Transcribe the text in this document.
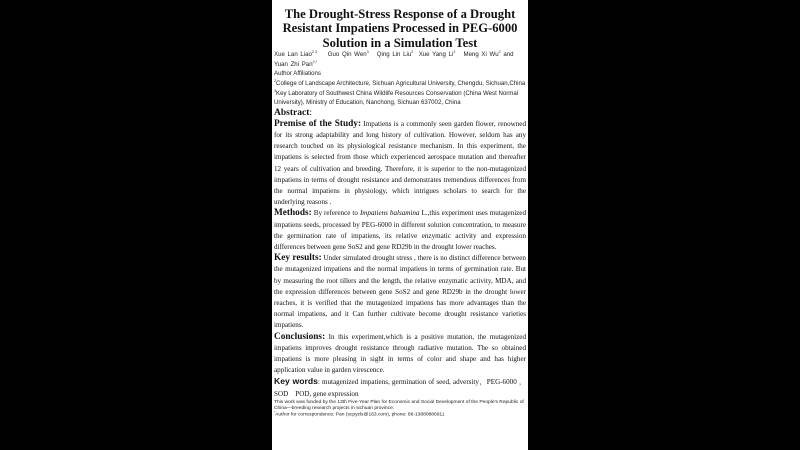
The Drought-Stress Response of a Drought Resistant Impatiens Processed in PEG-6000 Solution in a Simulation Test
Xue Lan Liao$^{2,3}$ Guo Qin Wen$^3$ Qing Lin Liu$^2$ Xue Yang Li$^2$ Meng Xi Wu$^2$ and Yuan Zhi Pan$^{2,*}$
Author Affiliations
$^2$College of Landscape Architecture, Sichuan Agricultural University, Chengdu, Sichuan,China
$^3$Key Laboratory of Southwest China Wildlife Resources Conservation (China West Normal University), Ministry of Education, Nanchong, Sichuan 637002, China
Abstract:

Premise of the Study: Impatiens is a commonly seen garden flower, renowned for its strong adaptability and long history of cultivation. However, seldom has any research touched on its physiological resistance mechanism. In this experiment, the impatiens is selected from those which experienced aerospace mutation and thereafter 12 years of cultivation and breeding. Therefore, it is superior to the non-mutagenized impatiens in terms of drought resistance and demonstrates tremendous differences from the normal impatiens in physiology, which intrigues scholars to search for the underlying reasons .

Methods: By reference to Impatiens balsamina L.,this experiment uses mutagenized impatiens seeds, processed by PEG-6000 in different solution concentration, to measure the germination rate of impatiens, its relative enzymatic activity and expression differences between gene SoS2 and gene RD29b in the drought lower reaches.

Key results: Under simulated drought stress , there is no distinct difference between the mutagenized impatiens and the normal impatiens in terms of germination rate. But by measuring the root tillers and the length, the relative enzymatic activity, MDA, and the expression differences between gene SoS2 and gene RD29b in the drought lower reaches, it is verified that the mutagenized impatiens has more advantages than the normal impatiens, and it Can further cultivate become drought resistance varieties impatiens.

Conclusions: In this experiment,which is a positive mutation, the mutagenized impatiens improves drought resistance through radiative mutation. The so obtained impatiens is more pleasing in sight in terms of color and shape and has higher application value in garden virescence.

Key words: mutagenized impatiens, germination of seed, adversity，PEG-6000 ， SOD    POD, gene expression

This work was funded by the 13th Five-Year Plan for Economic and Social Development of the People's Republic of China—breeding research projects in sichuan province.
*Author for correspondence: Pan (scpyzls@163.com), phone: 86-13880886911
